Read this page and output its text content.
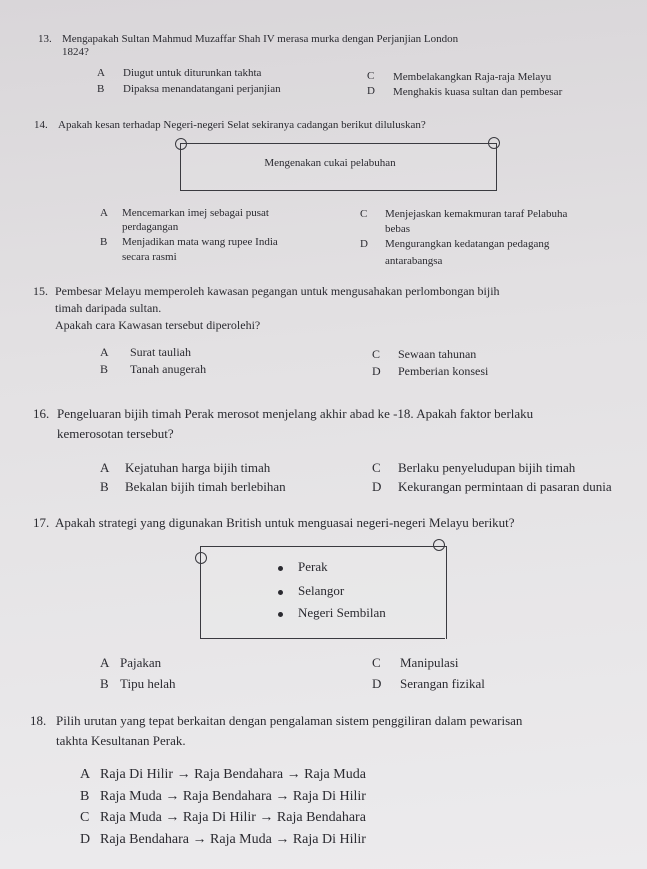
13. Mengapakah Sultan Mahmud Muzaffar Shah IV merasa murka dengan Perjanjian London
1824?
A Diugut untuk diturunkan takhta
B Dipaksa menandatangani perjanjian
C Membelakangkan Raja-raja Melayu
D Menghakis kuasa sultan dan pembesar
14. Apakah kesan terhadap Negeri-negeri Selat sekiranya cadangan berikut diluluskan?
Mengenakan cukai pelabuhan
A Mencemarkan imej sebagai pusat
perdagangan
B Menjadikan mata wang rupee India
secara rasmi
C Menjejaskan kemakmuran taraf Pelabuha
bebas
D Mengurangkan kedatangan pedagang
antarabangsa
15. Pembesar Melayu memperoleh kawasan pegangan untuk mengusahakan perlombongan bijih
timah daripada sultan.
Apakah cara Kawasan tersebut diperolehi?
A Surat tauliah
B Tanah anugerah
C Sewaan tahunan
D Pemberian konsesi
16. Pengeluaran bijih timah Perak merosot menjelang akhir abad ke -18. Apakah faktor berlaku
kemerosotan tersebut?
A Kejatuhan harga bijih timah
B Bekalan bijih timah berlebihan
C Berlaku penyeludupan bijih timah
D Kekurangan permintaan di pasaran dunia
17. Apakah strategi yang digunakan British untuk menguasai negeri-negeri Melayu berikut?
Perak
Selangor
Negeri Sembilan
A Pajakan
B Tipu helah
C Manipulasi
D Serangan fizikal
18. Pilih urutan yang tepat berkaitan dengan pengalaman sistem penggiliran dalam pewarisan
takhta Kesultanan Perak.
A Raja Di Hilir → Raja Bendahara → Raja Muda
B Raja Muda → Raja Bendahara → Raja Di Hilir
C Raja Muda → Raja Di Hilir → Raja Bendahara
D Raja Bendahara → Raja Muda → Raja Di Hilir
